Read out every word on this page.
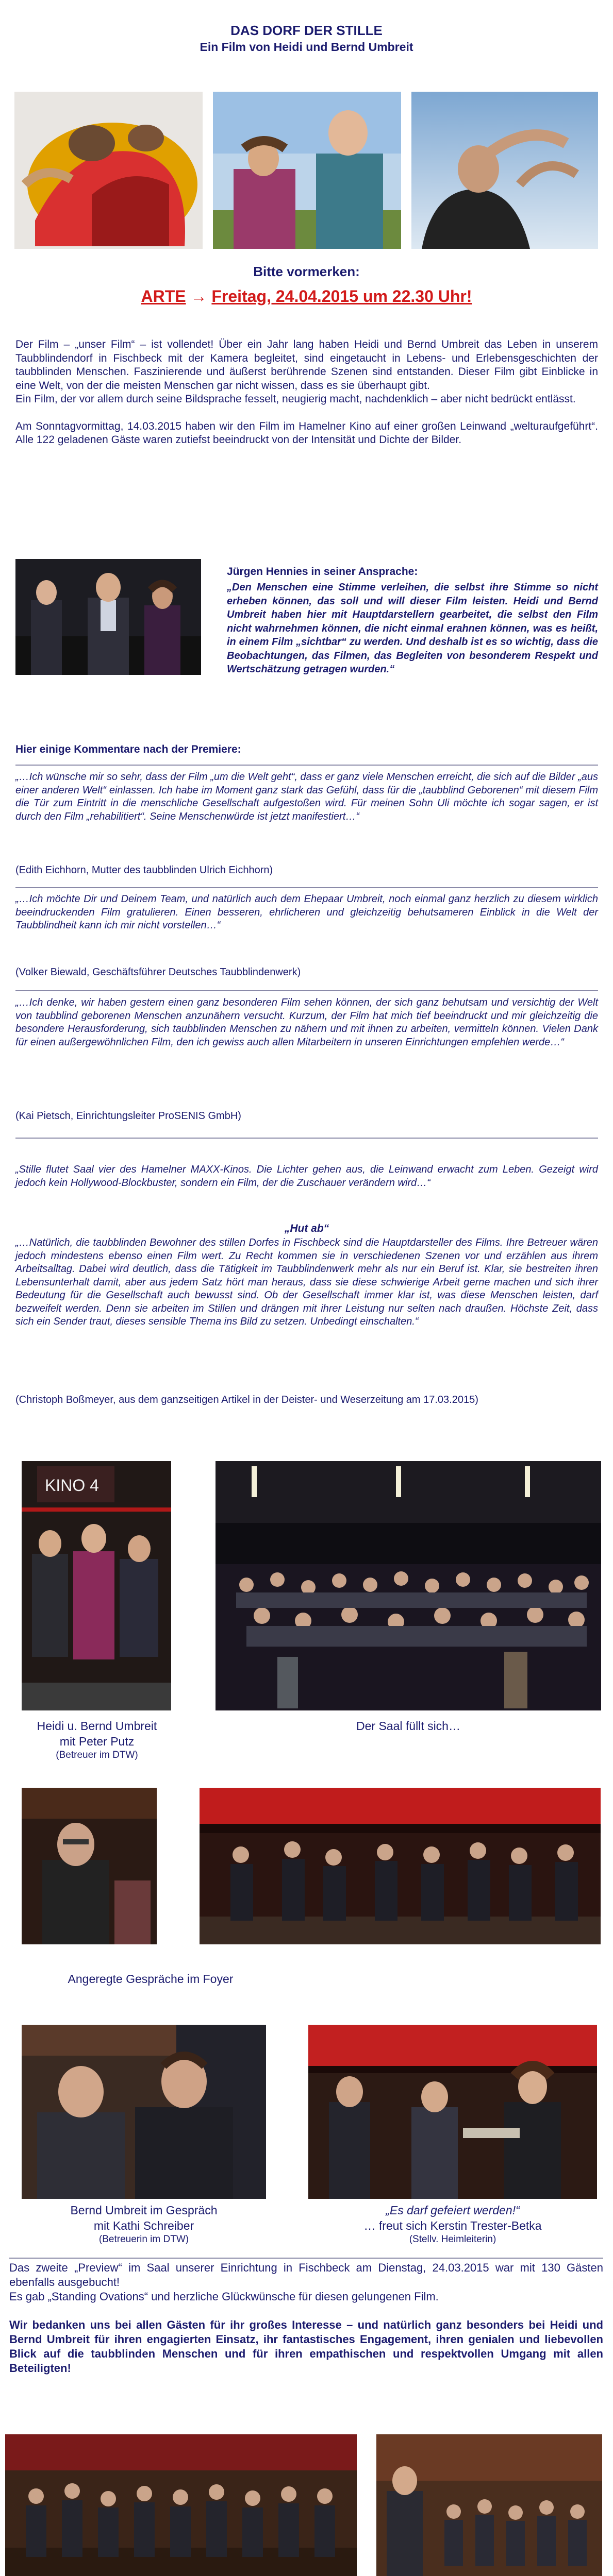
DAS DORF DER STILLE
Ein Film von Heidi und Bernd Umbreit
Bitte vormerken:
ARTE → Freitag, 24.04.2015 um 22.30 Uhr!

Der Film – „unser Film“ – ist vollendet! Über ein Jahr lang haben Heidi und Bernd Umbreit das Leben in unserem Taubblindendorf in Fischbeck mit der Kamera begleitet, sind eingetaucht in Lebens- und Erlebensgeschichten der taubblinden Menschen. Faszinierende und äußerst berührende Szenen sind entstanden. Dieser Film gibt Einblicke in eine Welt, von der die meisten Menschen gar nicht wissen, dass es sie überhaupt gibt.

Ein Film, der vor allem durch seine Bildsprache fesselt, neugierig macht, nachdenklich – aber nicht bedrückt entlässt.

Am Sonntagvormittag, 14.03.2015 haben wir den Film im Hamelner Kino auf einer großen Leinwand „welturaufgeführt“. Alle 122 geladenen Gäste waren zutiefst beeindruckt von der Intensität und Dichte der Bilder.

Jürgen Hennies in seiner Ansprache:
„Den Menschen eine Stimme verleihen, die selbst ihre Stimme so nicht erheben können, das soll und will dieser Film leisten. Heidi und Bernd Umbreit haben hier mit Hauptdarstellern gearbeitet, die selbst den Film nicht wahrnehmen können, die nicht einmal erahnen können, was es heißt, in einem Film „sichtbar“ zu werden. Und deshalb ist es so wichtig, dass die Beobachtungen, das Filmen, das Begleiten von besonderem Respekt und Wertschätzung getragen wurden.“
Hier einige Kommentare nach der Premiere:
„…Ich wünsche mir so sehr, dass der Film „um die Welt geht“, dass er ganz viele Menschen erreicht, die sich auf die Bilder „aus einer anderen Welt“ einlassen. Ich habe im Moment ganz stark das Gefühl, dass für die „taubblind Geborenen“ mit diesem Film die Tür zum Eintritt in die menschliche Gesellschaft aufgestoßen wird. Für meinen Sohn Uli möchte ich sogar sagen, er ist durch den Film „rehabilitiert“. Seine Menschenwürde ist jetzt manifestiert…“
(Edith Eichhorn, Mutter des taubblinden Ulrich Eichhorn)
„…Ich möchte Dir und Deinem Team, und natürlich auch dem Ehepaar Umbreit, noch einmal ganz herzlich zu diesem wirklich beeindruckenden Film gratulieren. Einen besseren, ehrlicheren und gleichzeitig behutsameren Einblick in die Welt der Taubblindheit kann ich mir nicht vorstellen…“
(Volker Biewald, Geschäftsführer Deutsches Taubblindenwerk)
„…Ich denke, wir haben gestern einen ganz besonderen Film sehen können, der sich ganz behutsam und versichtig der Welt von taubblind geborenen Menschen anzunähern versucht. Kurzum, der Film hat mich tief beeindruckt und mir gleichzeitig die besondere Herausforderung, sich taubblinden Menschen zu nähern und mit ihnen zu arbeiten, vermitteln können. Vielen Dank für einen außergewöhnlichen Film, den ich gewiss auch allen Mitarbeitern in unseren Einrichtungen empfehlen werde…“
(Kai Pietsch, Einrichtungsleiter ProSENIS GmbH)
„Stille flutet Saal vier des Hamelner MAXX-Kinos. Die Lichter gehen aus, die Leinwand erwacht zum Leben. Gezeigt wird jedoch kein Hollywood-Blockbuster, sondern ein Film, der die Zuschauer verändern wird…“
„Hut ab“
„…Natürlich, die taubblinden Bewohner des stillen Dorfes in Fischbeck sind die Hauptdarsteller des Films. Ihre Betreuer wären jedoch mindestens ebenso einen Film wert. Zu Recht kommen sie in verschiedenen Szenen vor und erzählen aus ihrem Arbeitsalltag. Dabei wird deutlich, dass die Tätigkeit im Taubblindenwerk mehr als nur ein Beruf ist. Klar, sie bestreiten ihren Lebensunterhalt damit, aber aus jedem Satz hört man heraus, dass sie diese schwierige Arbeit gerne machen und sich ihrer Bedeutung für die Gesellschaft auch bewusst sind. Ob der Gesellschaft immer klar ist, was diese Menschen leisten, darf bezweifelt werden. Denn sie arbeiten im Stillen und drängen mit ihrer Leistung nur selten nach draußen. Höchste Zeit, dass sich ein Sender traut, dieses sensible Thema ins Bild zu setzen. Unbedingt einschalten.“
(Christoph Boßmeyer, aus dem ganzseitigen Artikel in der Deister- und Weserzeitung am 17.03.2015)
KINO 4
Heidi u. Bernd Umbreit
mit Peter Putz
(Betreuer im DTW)
Der Saal füllt sich…
Angeregte Gespräche im Foyer
Bernd Umbreit im Gespräch
mit Kathi Schreiber
(Betreuerin im DTW)
„Es darf gefeiert werden!“
… freut sich Kerstin Trester-Betka
(Stellv. Heimleiterin)

Das zweite „Preview“ im Saal unserer Einrichtung in Fischbeck am Dienstag, 24.03.2015 war mit 130 Gästen ebenfalls ausgebucht!

Es gab „Standing Ovations“ und herzliche Glückwünsche für diesen gelungenen Film.

Wir bedanken uns bei allen Gästen für ihr großes Interesse – und natürlich ganz besonders bei Heidi und Bernd Umbreit für ihren engagierten Einsatz, ihr fantastisches Engagement, ihren genialen und liebevollen Blick auf die taubblinden Menschen und für ihren empathischen und respektvollen Umgang mit allen Beteiligten!
